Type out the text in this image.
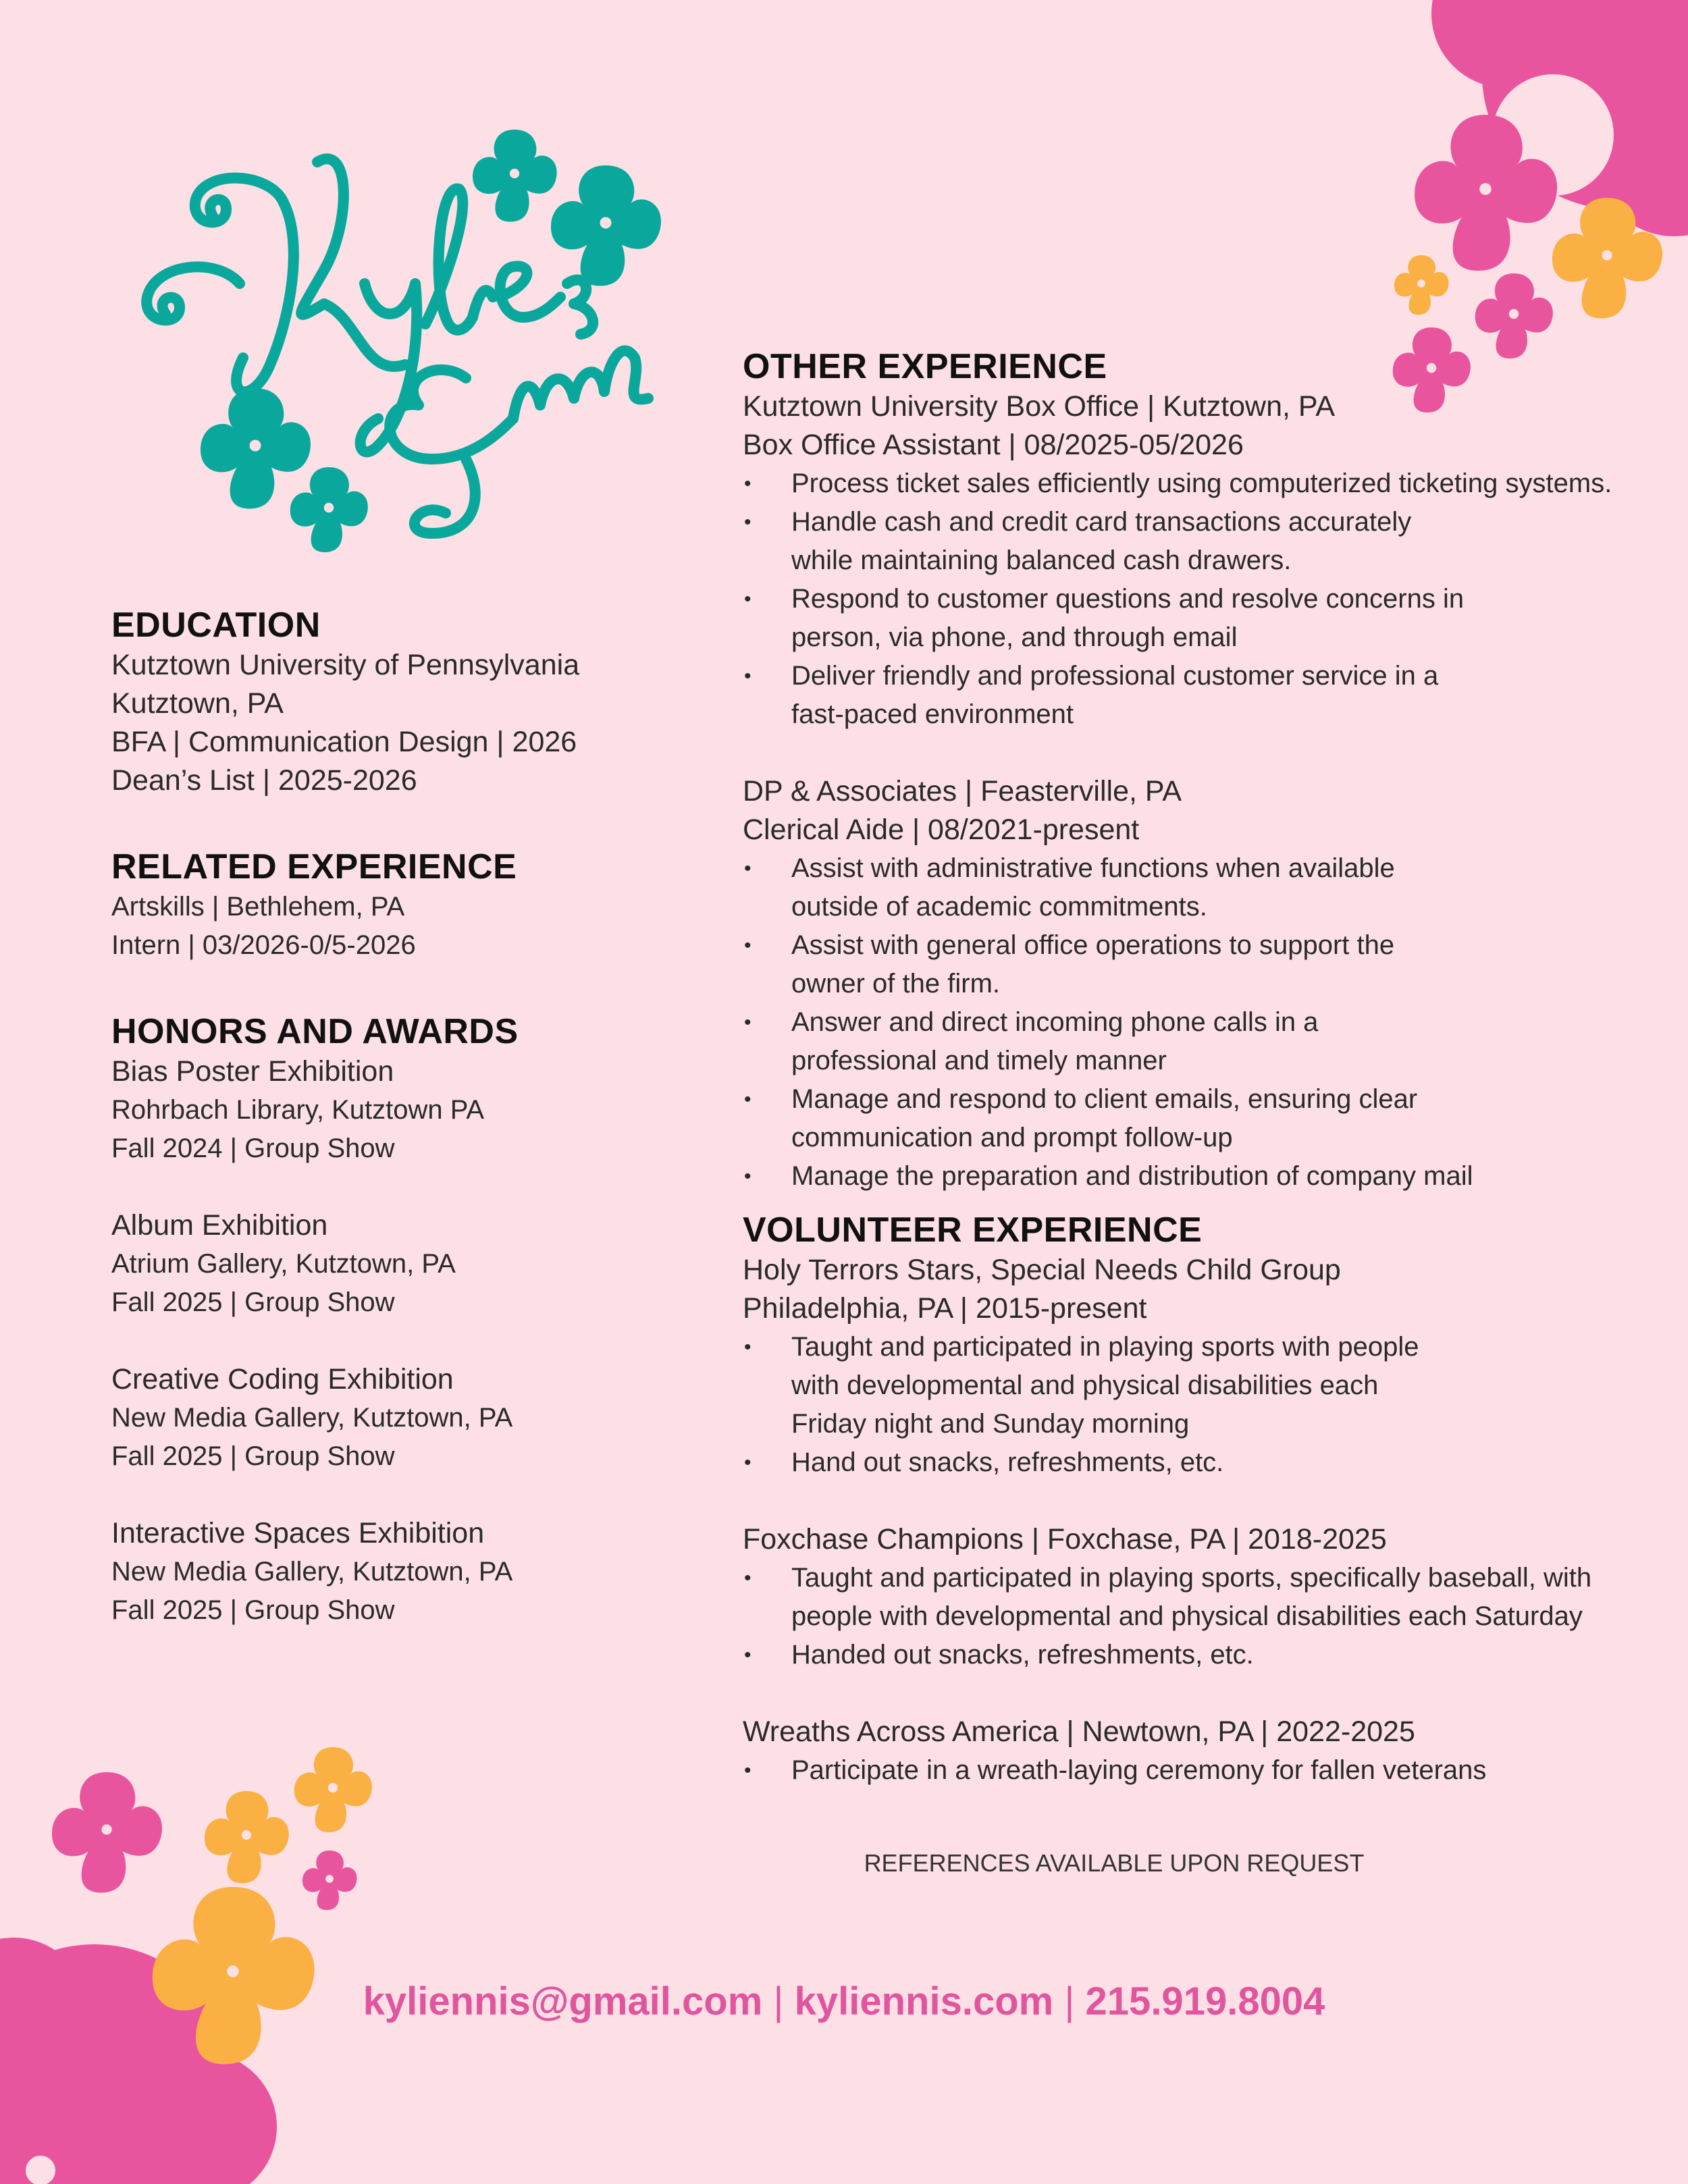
EDUCATION
Kutztown University of Pennsylvania
Kutztown, PA
BFA | Communication Design | 2026
Dean’s List | 2025-2026
RELATED EXPERIENCE
Artskills | Bethlehem, PA
Intern | 03/2026-0/5-2026
HONORS AND AWARDS
Bias Poster Exhibition
Rohrbach Library, Kutztown PA
Fall 2024 | Group Show
Album Exhibition
Atrium Gallery, Kutztown, PA
Fall 2025 | Group Show
Creative Coding Exhibition
New Media Gallery, Kutztown, PA
Fall 2025 | Group Show
Interactive Spaces Exhibition
New Media Gallery, Kutztown, PA
Fall 2025 | Group Show
OTHER EXPERIENCE
Kutztown University Box Office | Kutztown, PA
Box Office Assistant | 08/2025-05/2026
• Process ticket sales efficiently using computerized ticketing systems.
• Handle cash and credit card transactions accurately while maintaining balanced cash drawers.
• Respond to customer questions and resolve concerns in person, via phone, and through email
• Deliver friendly and professional customer service in a fast-paced environment
DP & Associates | Feasterville, PA
Clerical Aide | 08/2021-present
• Assist with administrative functions when available outside of academic commitments.
• Assist with general office operations to support the owner of the firm.
• Answer and direct incoming phone calls in a professional and timely manner
• Manage and respond to client emails, ensuring clear communication and prompt follow-up
• Manage the preparation and distribution of company mail
VOLUNTEER EXPERIENCE
Holy Terrors Stars, Special Needs Child Group
Philadelphia, PA | 2015-present
• Taught and participated in playing sports with people with developmental and physical disabilities each Friday night and Sunday morning
• Hand out snacks, refreshments, etc.
Foxchase Champions | Foxchase, PA | 2018-2025
• Taught and participated in playing sports, specifically baseball, with people with developmental and physical disabilities each Saturday
• Handed out snacks, refreshments, etc.
Wreaths Across America | Newtown, PA | 2022-2025
• Participate in a wreath-laying ceremony for fallen veterans
REFERENCES AVAILABLE UPON REQUEST
kyliennis@gmail.com | kyliennis.com | 215.919.8004
